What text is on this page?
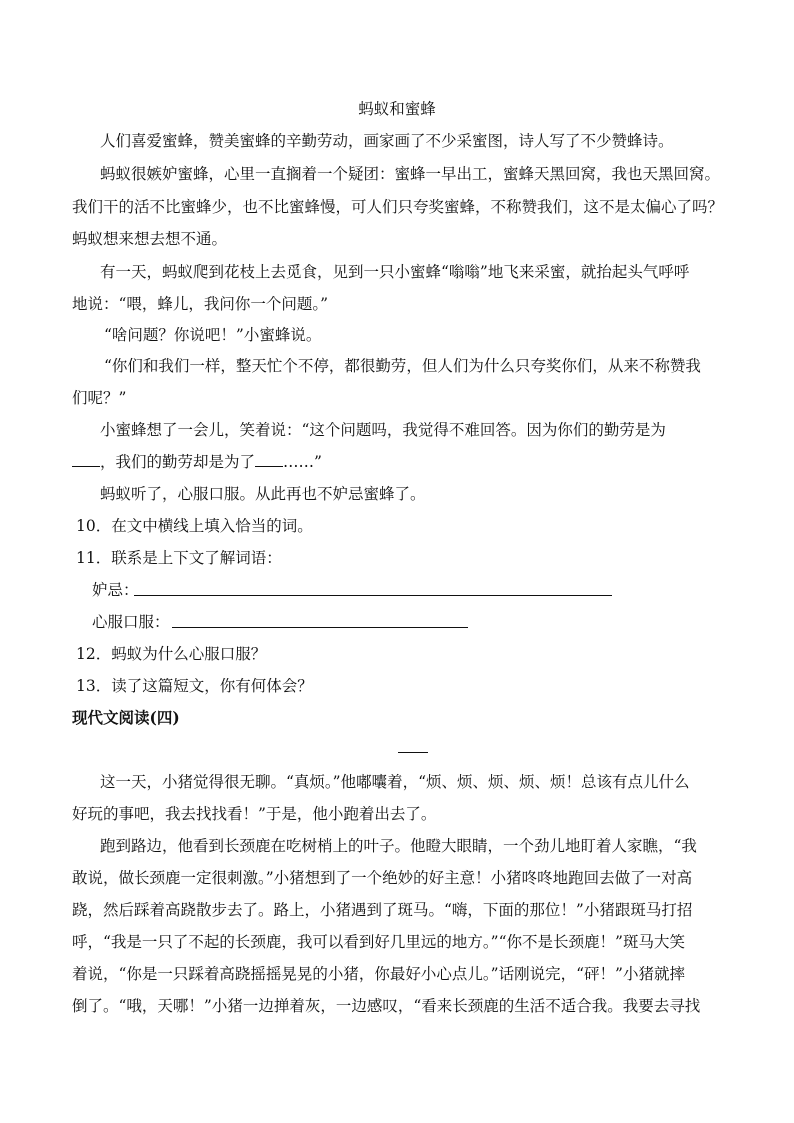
蚂蚁和蜜蜂
人们喜爱蜜蜂，赞美蜜蜂的辛勤劳动，画家画了不少采蜜图，诗人写了不少赞蜂诗。
蚂蚁很嫉妒蜜蜂，心里一直搁着一个疑团：蜜蜂一早出工，蜜蜂天黑回窝，我也天黑回窝。
我们干的活不比蜜蜂少，也不比蜜蜂慢，可人们只夸奖蜜蜂，不称赞我们，这不是太偏心了吗？
蚂蚁想来想去想不通。
有一天，蚂蚁爬到花枝上去觅食，见到一只小蜜蜂“嗡嗡”地飞来采蜜，就抬起头气呼呼
地说：“喂，蜂儿，我问你一个问题。”
“啥问题？你说吧！”小蜜蜂说。
“你们和我们一样，整天忙个不停，都很勤劳，但人们为什么只夸奖你们，从来不称赞我
们呢？”
小蜜蜂想了一会儿，笑着说：“这个问题吗，我觉得不难回答。因为你们的勤劳是为
，我们的勤劳却是为了 ……”
蚂蚁听了，心服口服。从此再也不妒忌蜜蜂了。
10．在文中横线上填入恰当的词。
11．联系是上下文了解词语：
妒忌：
心服口服：
12．蚂蚁为什么心服口服？
13．读了这篇短文，你有何体会？
现代文阅读(四)
这一天，小猪觉得很无聊。“真烦。”他嘟囔着，“烦、烦、烦、烦、烦！总该有点儿什么
好玩的事吧，我去找找看！”于是，他小跑着出去了。
跑到路边，他看到长颈鹿在吃树梢上的叶子。他瞪大眼睛，一个劲儿地盯着人家瞧，“我
敢说，做长颈鹿一定很刺激。”小猪想到了一个绝妙的好主意！小猪咚咚地跑回去做了一对高
跷，然后踩着高跷散步去了。路上，小猪遇到了斑马。“嗨，下面的那位！”小猪跟斑马打招
呼，“我是一只了不起的长颈鹿，我可以看到好几里远的地方。”“你不是长颈鹿！”斑马大笑
着说，“你是一只踩着高跷摇摇晃晃的小猪，你最好小心点儿。”话刚说完，“砰！”小猪就摔
倒了。“哦，天哪！”小猪一边掸着灰，一边感叹，“看来长颈鹿的生活不适合我。我要去寻找
